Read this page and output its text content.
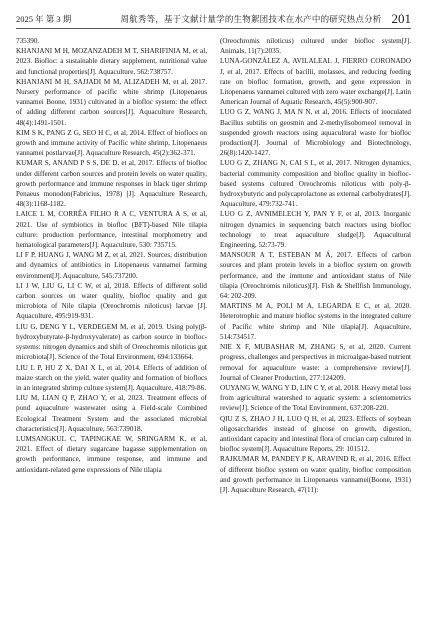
2025 年 第 3 期	周航秀等，基于文献计量学的生物絮团技术在水产中的研究热点分析 201

735390.

KHANJANI M H, MOZANZADEH M T, SHARIFINIA M, et al, 2023. Biofloc: a sustainable dietary supplement, nutritional value and functional properties[J]. Aquaculture, 562:738757.

KHANJANI M H, SAJJADI M M, ALIZADEH M, et al, 2017. Nursery performance of pacific white shrimp (Litopenaeus vannamei Boone, 1931) cultivated in a biofloc system: the effect of adding different carbon sources[J]. Aquaculture Research, 48(4):1491-1501.

KIM S K, PANG Z G, SEO H C, et al, 2014. Effect of bioflocs on growth and immune activity of Pacific white shrimp, Litopenaeus vannamei postlarvae[J]. Aquaculture Research, 45(2):362-371.

KUMAR S, ANAND P S S, DE D, et al, 2017. Effects of biofloc under different carbon sources and protein levels on water quality, growth performance and immune responses in black tiger shrimp Penaeus monodon(Fabricius, 1978) [J]. Aquaculture Research, 48(3):1168-1182.

LAICE L M, CORRÊA FILHO R A C, VENTURA A S, et al, 2021. Use of symbiotics in biofloc (BFT)-based Nile tilapia culture: production performance, intestinal morphometry and hematological parameters[J]. Aquaculture, 530: 735715.

LI F P, HUANG J, WANG M Z, et al, 2021. Sources, distribution and dynamics of antibiotics in Litopenaeus vannamei farming environment[J]. Aquaculture, 545:737200.

LI J W, LIU G, LI C W, et al, 2018. Effects of different solid carbon sources on water quality, biofloc quality and gut microbiota of Nile tilapia (Oreochromis niloticus) larvae [J]. Aquaculture, 495:919-931.

LIU G, DENG Y L, VERDEGEM M, et al, 2019. Using poly(β-hydroxybutyrate-β-hydroxyvalerate) as carbon source in biofloc-systems: nitrogen dynamics and shift of Oreochromis niloticus gut microbiota[J]. Science of the Total Environment, 694:133664.

LIU L P, HU Z X, DAI X L, et al, 2014. Effects of addition of maize starch on the yield, water quality and formation of bioflocs in an integrated shrimp culture system[J]. Aquaculture, 418:79-86.

LIU M, LIAN Q P, ZHAO Y, et al, 2023. Treatment effects of pond aquaculture wastewater using a Field-scale Combined Ecological Treatment System and the associated microbial characteristics[J]. Aquaculture, 563:739018.

LUMSANGKUL C, TAPINGKAE W, SRINGARM K, et al, 2021. Effect of dietary sugarcane bagasse supplementation on growth performance, immune response, and immune and antioxidant-related gene expressions of Nile tilapia

(Oreochromis niloticus) cultured under biofloc system[J]. Animals, 11(7):2035.

LUNA-GONZÁLEZ A, AVILALEAL J, FIERRO CORONADO J, et al, 2017. Effects of bacilli, molasses, and reducing feeding rate on biofloc formation, growth, and gene expression in Litopenaeus vannamei cultured with zero water exchange[J]. Latin American Journal of Aquatic Research, 45(5):900-907.

LUO G Z, WANG J, MA N N, et al, 2016. Effects of inoculated Bacillus subtilis on geosmin and 2-methylisoborneol removal in suspended growth reactors using aquacultural waste for biofloc production[J]. Journal of Microbiology and Biotechnology, 26(8):1420-1427.

LUO G Z, ZHANG N, CAI S L, et al, 2017. Nitrogen dynamics, bacterial community composition and biofloc quality in biofloc-based systems cultured Oreochromis niloticus with poly-β-hydroxybutyric and polycaprolactone as external carbohydrates[J]. Aquaculture, 479:732-741.

LUO G Z, AVNIMELECH Y, PAN Y F, et al, 2013. Inorganic nitrogen dynamics in sequencing batch reactors using biofloc technology to treat aquaculture sludge[J]. Aquacultural Engineering, 52:73-79.

MANSOUR A T, ESTEBAN M Á, 2017. Effects of carbon sources and plant protein levels in a biofloc system on growth performance, and the immune and antioxidant status of Nile tilapia (Oreochromis niloticus)[J]. Fish & Shellfish Immunology, 64: 202-209.

MARTINS M A, POLI M A, LEGARDA E C, et al, 2020. Heterotrophic and mature biofloc systems in the integrated culture of Pacific white shrimp and Nile tilapia[J]. Aquaculture, 514:734517.

NIE X F, MUBASHAR M, ZHANG S, et al, 2020. Current progress, challenges and perspectives in microalgae-based nutrient removal for aquaculture waste: a comprehensive review[J]. Journal of Cleaner Production, 277:124209.

OUYANG W, WANG Y D, LIN C Y, et al, 2018. Heavy metal loss from agricultural watershed to aquatic system: a scientometrics review[J]. Science of the Total Environment, 637:208-220.

QIU Z S, ZHAO J H, LUO Q H, et al, 2023. Effects of soybean oligosaccharides instead of glucose on growth, digestion, antioxidant capacity and intestinal flora of crucian carp cultured in biofloc system[J]. Aquaculture Reports, 29: 101512.

RAJKUMAR M, PANDEY P K, ARAVIND R, et al, 2016. Effect of different biofloc system on water quality, biofloc composition and growth performance in Litopenaeus vannamei(Boone, 1931) [J]. Aquaculture Research, 47(11):
